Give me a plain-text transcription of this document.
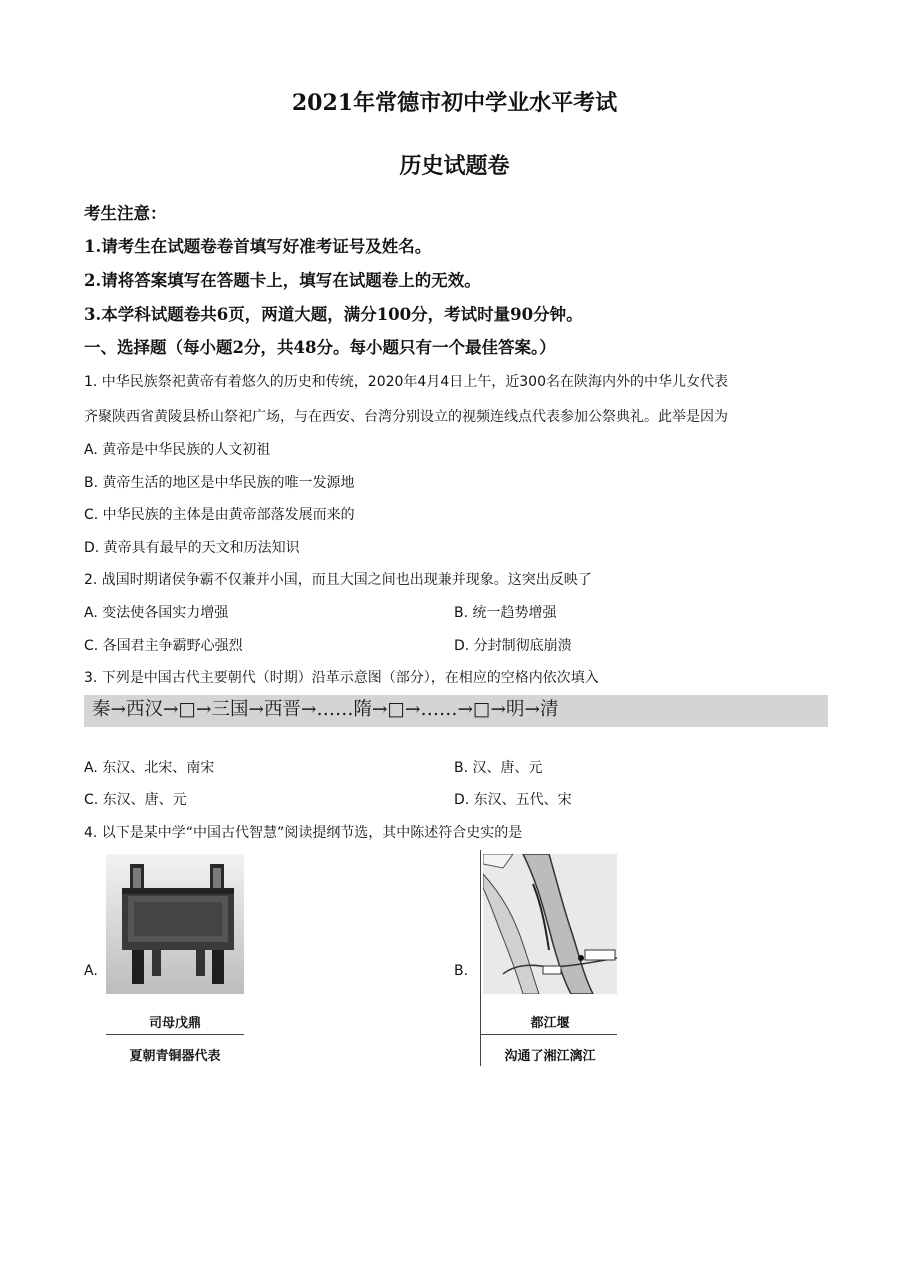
2021年常德市初中学业水平考试
历史试题卷
考生注意：
1.请考生在试题卷卷首填写好准考证号及姓名。
2.请将答案填写在答题卡上，填写在试题卷上的无效。
3.本学科试题卷共6页，两道大题，满分100分，考试时量90分钟。
一、选择题（每小题2分，共48分。每小题只有一个最佳答案。）
1. 中华民族祭祀黄帝有着悠久的历史和传统，2020年4月4日上午，近300名在陕海内外的中华儿女代表
齐聚陕西省黄陵县桥山祭祀广场，与在西安、台湾分别设立的视频连线点代表参加公祭典礼。此举是因为
A. 黄帝是中华民族的人文初祖
B. 黄帝生活的地区是中华民族的唯一发源地
C. 中华民族的主体是由黄帝部落发展而来的
D. 黄帝具有最早的天文和历法知识
2. 战国时期诸侯争霸不仅兼并小国，而且大国之间也出现兼并现象。这突出反映了
A. 变法使各国实力增强	B. 统一趋势增强
C. 各国君主争霸野心强烈	D. 分封制彻底崩溃
3. 下列是中国古代主要朝代（时期）沿革示意图（部分），在相应的空格内依次填入
秦→西汉→□→三国→西晋→……隋→□→……→□→明→清
A. 东汉、北宋、南宋	B. 汉、唐、元
C. 东汉、唐、元	D. 东汉、五代、宋
4. 以下是某中学“中国古代智慧”阅读提纲节选，其中陈述符合史实的是
A.
司母戊鼎
夏朝青铜器代表
B.
都江堰
沟通了湘江漓江
